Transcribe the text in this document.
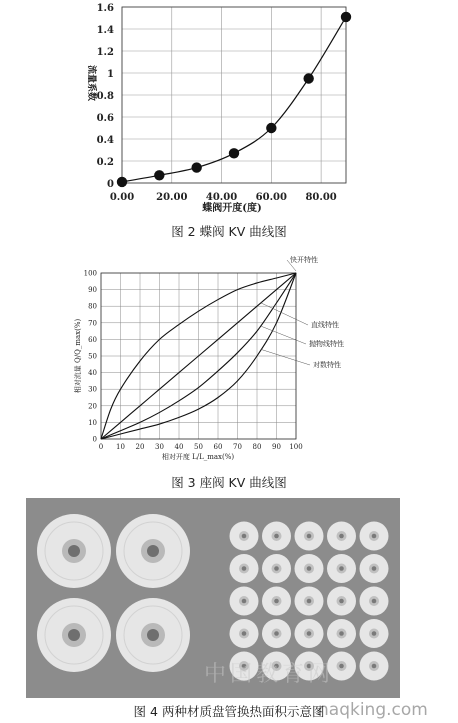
0.00 20.00 40.00 60.00 80.00
0
0.2
0.4
0.6
0.8
1
1.2
1.4
1.6
蝶阀开度(度)
流量系数
图 2 蝶阀 KV 曲线图
0 10 20 30 40 50 60 70 80 90 100
0
10
20
30
40
50
60
70
80
90
100
相对开度 L/L_max(%)
相对流量 Q/Q_max(%)
快开特性
直线特性
抛物线特性
对数特性
图 3 座阀 KV 曲线图
中国教育网
图 4 两种材质盘管换热面积示意图
naqking.com
